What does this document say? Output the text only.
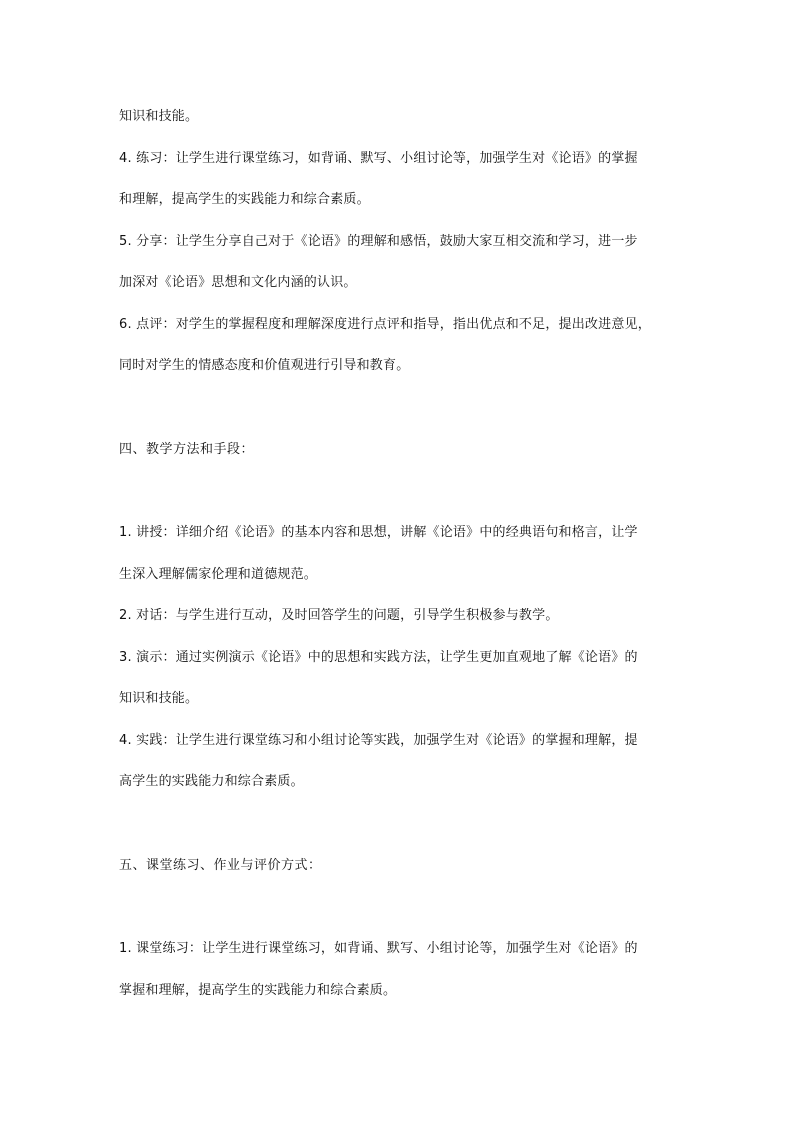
知识和技能。
4. 练习：让学生进行课堂练习，如背诵、默写、小组讨论等，加强学生对《论语》的掌握
和理解，提高学生的实践能力和综合素质。
5. 分享：让学生分享自己对于《论语》的理解和感悟，鼓励大家互相交流和学习，进一步
加深对《论语》思想和文化内涵的认识。
6. 点评：对学生的掌握程度和理解深度进行点评和指导，指出优点和不足，提出改进意见，
同时对学生的情感态度和价值观进行引导和教育。
四、教学方法和手段：
1. 讲授：详细介绍《论语》的基本内容和思想，讲解《论语》中的经典语句和格言，让学
生深入理解儒家伦理和道德规范。
2. 对话：与学生进行互动，及时回答学生的问题，引导学生积极参与教学。
3. 演示：通过实例演示《论语》中的思想和实践方法，让学生更加直观地了解《论语》的
知识和技能。
4. 实践：让学生进行课堂练习和小组讨论等实践，加强学生对《论语》的掌握和理解，提
高学生的实践能力和综合素质。
五、课堂练习、作业与评价方式：
1. 课堂练习：让学生进行课堂练习，如背诵、默写、小组讨论等，加强学生对《论语》的
掌握和理解，提高学生的实践能力和综合素质。
